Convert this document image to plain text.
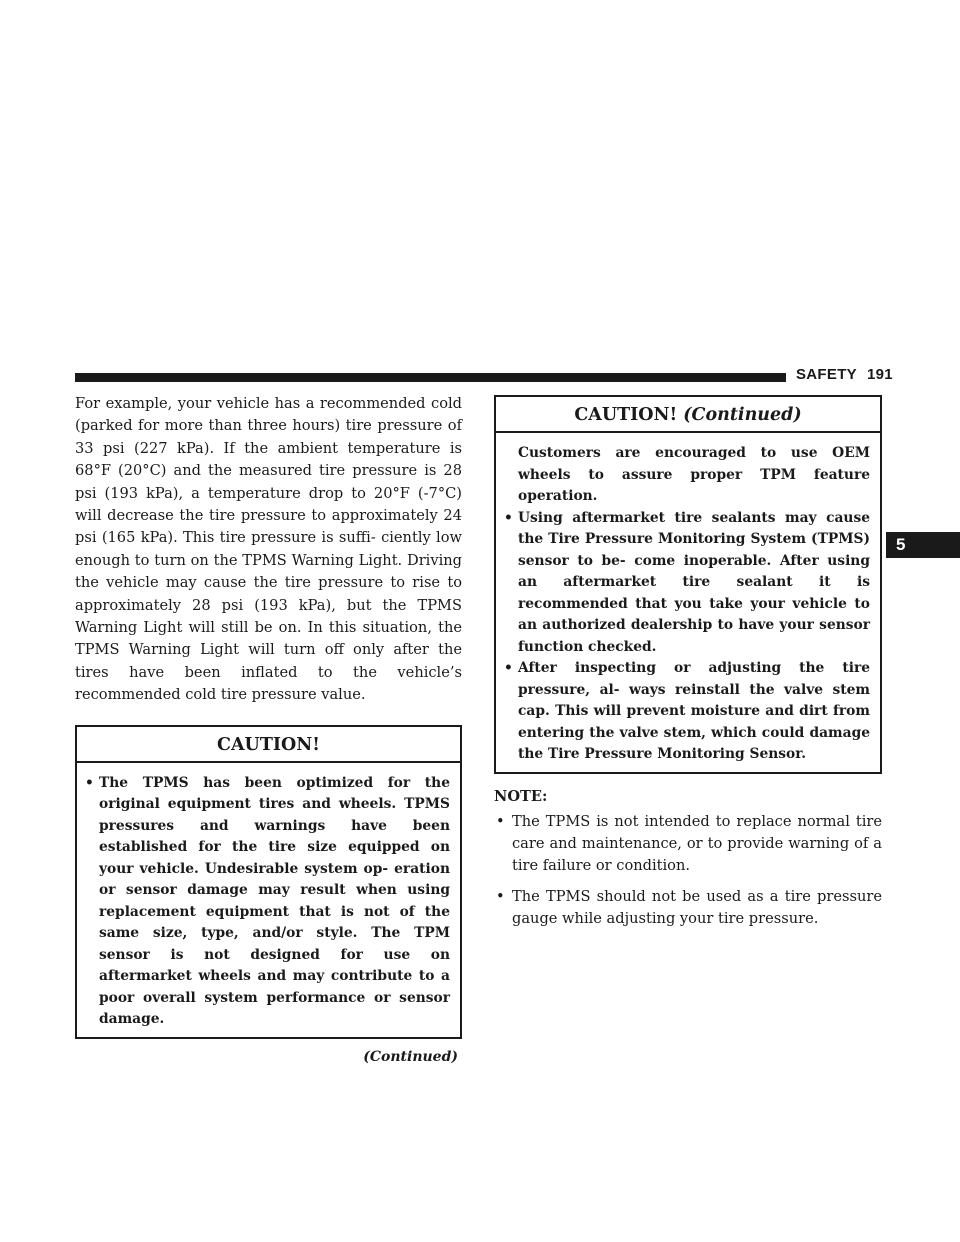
SAFETY 191
5

For example, your vehicle has a recommended cold (parked for more than three hours) tire pressure of 33 psi (227 kPa). If the ambient temperature is 68°F (20°C) and the measured tire pressure is 28 psi (193 kPa), a temperature drop to 20°F (-7°C) will decrease the tire pressure to approximately 24 psi (165 kPa). This tire pressure is suffi- ciently low enough to turn on the TPMS Warning Light. Driving the vehicle may cause the tire pressure to rise to approximately 28 psi (193 kPa), but the TPMS Warning Light will still be on. In this situation, the TPMS Warning Light will turn off only after the tires have been inflated to the vehicle’s recommended cold tire pressure value.

CAUTION!

• The TPMS has been optimized for the original equipment tires and wheels. TPMS pressures and warnings have been established for the tire size equipped on your vehicle. Undesirable system op- eration or sensor damage may result when using replacement equipment that is not of the same size, type, and/or style. The TPM sensor is not designed for use on aftermarket wheels and may contribute to a poor overall system performance or sensor damage.

(Continued)

CAUTION! (Continued)

Customers are encouraged to use OEM wheels to assure proper TPM feature operation.

• Using aftermarket tire sealants may cause the Tire Pressure Monitoring System (TPMS) sensor to be- come inoperable. After using an aftermarket tire sealant it is recommended that you take your vehicle to an authorized dealership to have your sensor function checked.

• After inspecting or adjusting the tire pressure, al- ways reinstall the valve stem cap. This will prevent moisture and dirt from entering the valve stem, which could damage the Tire Pressure Monitoring Sensor.

NOTE:

• The TPMS is not intended to replace normal tire care and maintenance, or to provide warning of a tire failure or condition.

• The TPMS should not be used as a tire pressure gauge while adjusting your tire pressure.
